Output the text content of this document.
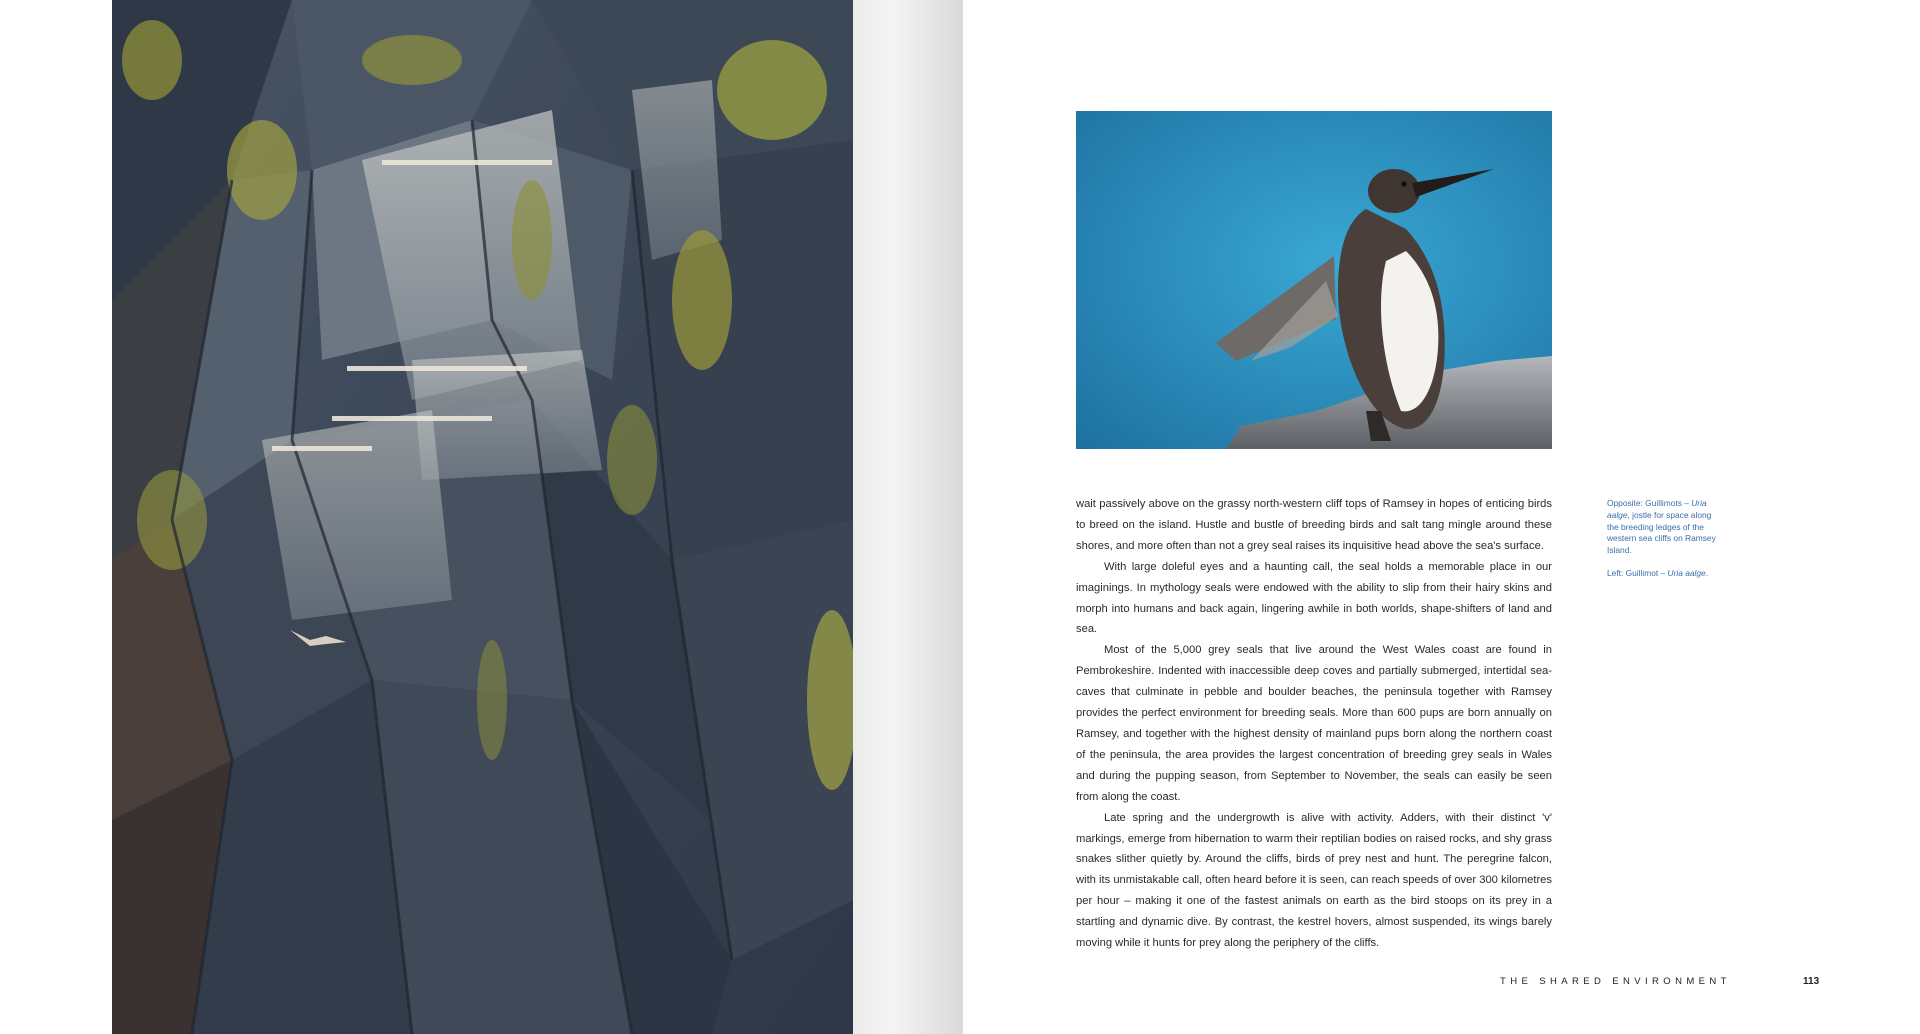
wait passively above on the grassy north-western cliff tops of Ramsey in hopes of enticing birds to breed on the island. Hustle and bustle of breeding birds and salt tang mingle around these shores, and more often than not a grey seal raises its inquisitive head above the sea's surface.

With large doleful eyes and a haunting call, the seal holds a memorable place in our imaginings. In mythology seals were endowed with the ability to slip from their hairy skins and morph into humans and back again, lingering awhile in both worlds, shape-shifters of land and sea.

Most of the 5,000 grey seals that live around the West Wales coast are found in Pembrokeshire. Indented with inaccessible deep coves and partially submerged, intertidal sea-caves that culminate in pebble and boulder beaches, the peninsula together with Ramsey provides the perfect environment for breeding seals. More than 600 pups are born annually on Ramsey, and together with the highest density of mainland pups born along the northern coast of the peninsula, the area provides the largest concentration of breeding grey seals in Wales and during the pupping season, from September to November, the seals can easily be seen from along the coast.

Late spring and the undergrowth is alive with activity. Adders, with their distinct 'v' markings, emerge from hibernation to warm their reptilian bodies on raised rocks, and shy grass snakes slither quietly by. Around the cliffs, birds of prey nest and hunt. The peregrine falcon, with its unmistakable call, often heard before it is seen, can reach speeds of over 300 kilometres per hour – making it one of the fastest animals on earth as the bird stoops on its prey in a startling and dynamic dive. By contrast, the kestrel hovers, almost suspended, its wings barely moving while it hunts for prey along the periphery of the cliffs.

Opposite: Guillimots – Uria aalge, jostle for space along the breeding ledges of the western sea cliffs on Ramsey Island.

Left: Guillimot – Uria aalge.

THE SHARED ENVIRONMENT	113
